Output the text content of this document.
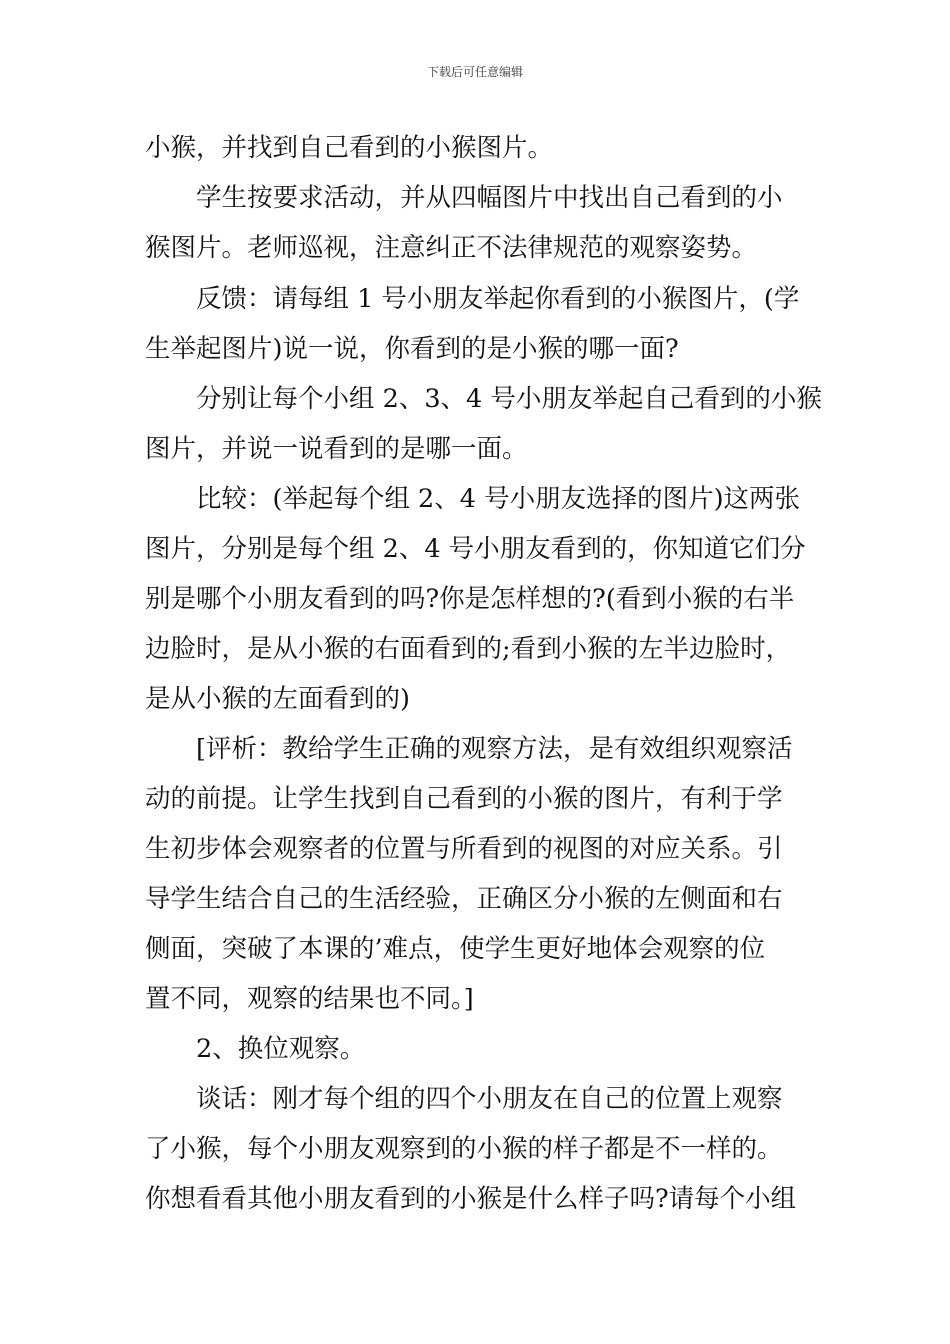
下载后可任意编辑
小猴，并找到自己看到的小猴图片。
　　学生按要求活动，并从四幅图片中找出自己看到的小
猴图片。老师巡视，注意纠正不法律规范的观察姿势。
　　反馈：请每组 1 号小朋友举起你看到的小猴图片，(学
生举起图片)说一说，你看到的是小猴的哪一面?
　　分别让每个小组 2、3、4 号小朋友举起自己看到的小猴
图片，并说一说看到的是哪一面。
　　比较：(举起每个组 2、4 号小朋友选择的图片)这两张
图片，分别是每个组 2、4 号小朋友看到的，你知道它们分
别是哪个小朋友看到的吗?你是怎样想的?(看到小猴的右半
边脸时，是从小猴的右面看到的;看到小猴的左半边脸时，
是从小猴的左面看到的)
　　[评析：教给学生正确的观察方法，是有效组织观察活
动的前提。让学生找到自己看到的小猴的图片，有利于学
生初步体会观察者的位置与所看到的视图的对应关系。引
导学生结合自己的生活经验，正确区分小猴的左侧面和右
侧面，突破了本课的’难点，使学生更好地体会观察的位
置不同，观察的结果也不同。]
　　2、换位观察。
　　谈话：刚才每个组的四个小朋友在自己的位置上观察
了小猴，每个小朋友观察到的小猴的样子都是不一样的。
你想看看其他小朋友看到的小猴是什么样子吗?请每个小组
